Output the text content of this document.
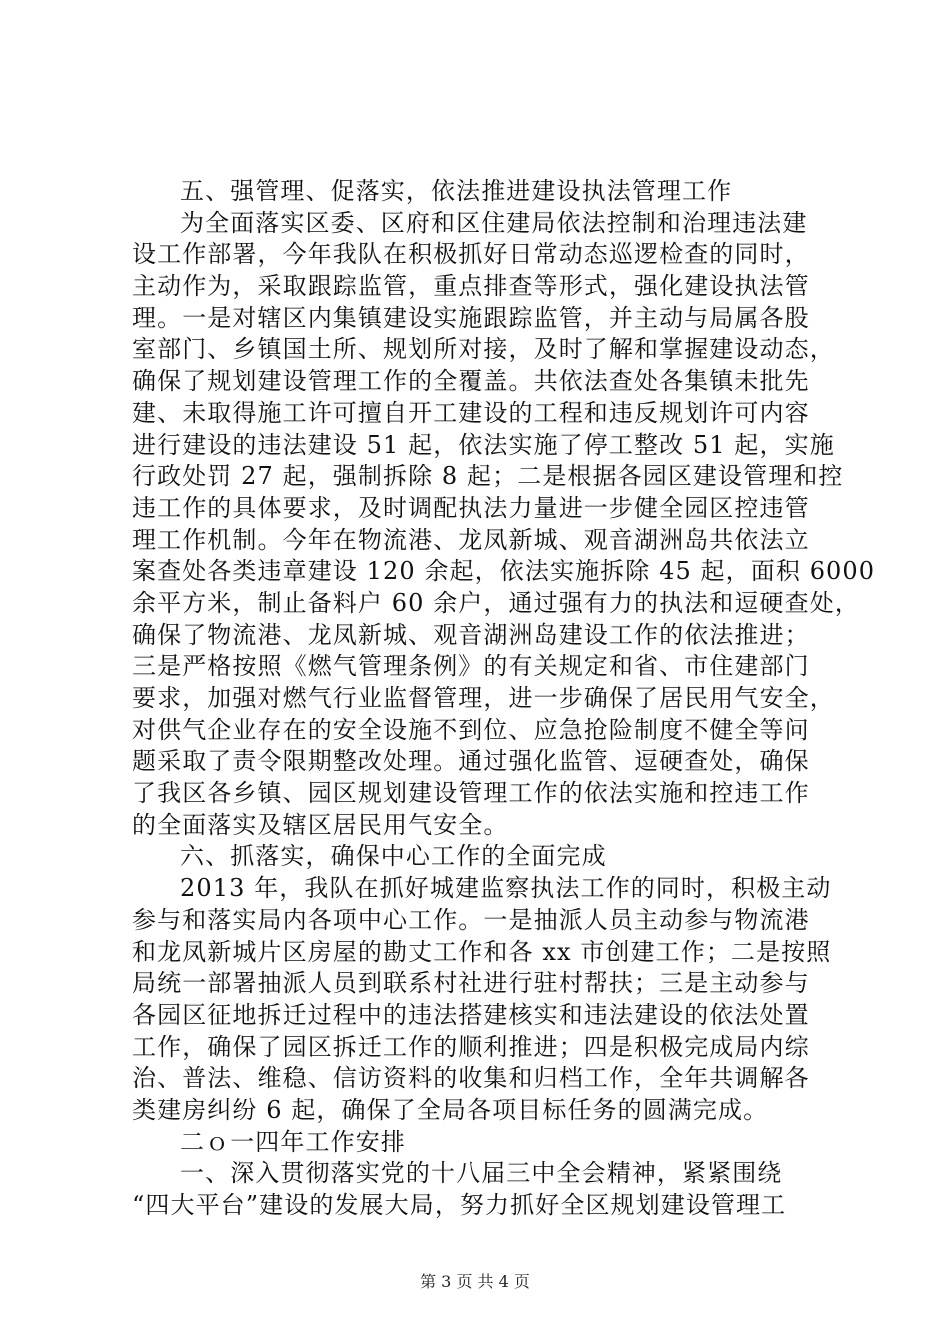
五、强管理、促落实，依法推进建设执法管理工作
为全面落实区委、区府和区住建局依法控制和治理违法建
设工作部署，今年我队在积极抓好日常动态巡逻检查的同时，
主动作为，采取跟踪监管，重点排查等形式，强化建设执法管
理。一是对辖区内集镇建设实施跟踪监管，并主动与局属各股
室部门、乡镇国土所、规划所对接，及时了解和掌握建设动态，
确保了规划建设管理工作的全覆盖。共依法查处各集镇未批先
建、未取得施工许可擅自开工建设的工程和违反规划许可内容
进行建设的违法建设 51 起，依法实施了停工整改 51 起，实施
行政处罚 27 起，强制拆除 8 起；二是根据各园区建设管理和控
违工作的具体要求，及时调配执法力量进一步健全园区控违管
理工作机制。今年在物流港、龙凤新城、观音湖洲岛共依法立
案查处各类违章建设 120 余起，依法实施拆除 45 起，面积 6000
余平方米，制止备料户 60 余户，通过强有力的执法和逗硬查处，
确保了物流港、龙凤新城、观音湖洲岛建设工作的依法推进；
三是严格按照《燃气管理条例》的有关规定和省、市住建部门
要求，加强对燃气行业监督管理，进一步确保了居民用气安全，
对供气企业存在的安全设施不到位、应急抢险制度不健全等问
题采取了责令限期整改处理。通过强化监管、逗硬查处，确保
了我区各乡镇、园区规划建设管理工作的依法实施和控违工作
的全面落实及辖区居民用气安全。
六、抓落实，确保中心工作的全面完成
2013 年，我队在抓好城建监察执法工作的同时，积极主动
参与和落实局内各项中心工作。一是抽派人员主动参与物流港
和龙凤新城片区房屋的勘丈工作和各 xx 市创建工作；二是按照
局统一部署抽派人员到联系村社进行驻村帮扶；三是主动参与
各园区征地拆迁过程中的违法搭建核实和违法建设的依法处置
工作，确保了园区拆迁工作的顺利推进；四是积极完成局内综
治、普法、维稳、信访资料的收集和归档工作，全年共调解各
类建房纠纷 6 起，确保了全局各项目标任务的圆满完成。
二ｏ一四年工作安排
一、深入贯彻落实党的十八届三中全会精神，紧紧围绕
“四大平台”建设的发展大局，努力抓好全区规划建设管理工
第 3 页 共 4 页
